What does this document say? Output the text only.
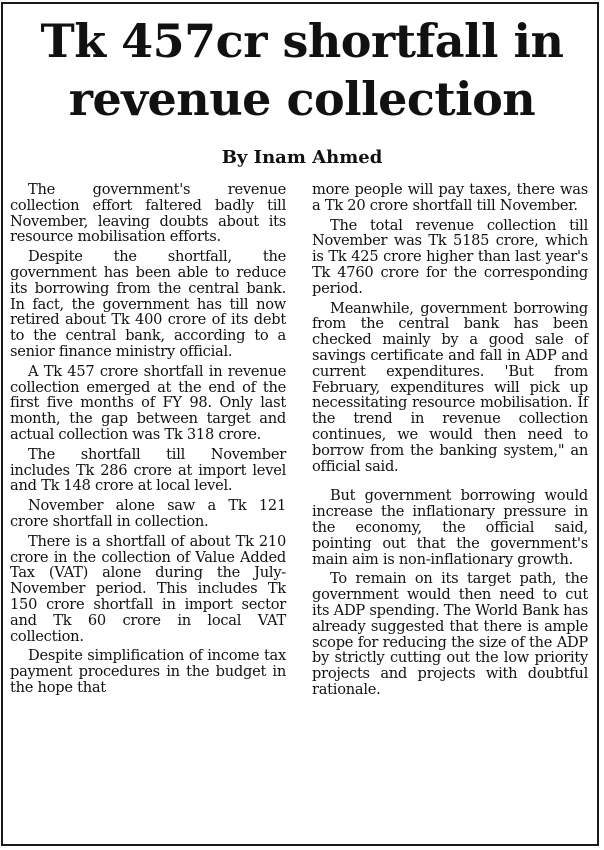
Tk 457cr shortfall in
revenue collection
By Inam Ahmed

The government's revenue collection effort faltered badly till November, leaving doubts about its resource mobilisation efforts.

Despite the shortfall, the government has been able to reduce its borrowing from the central bank. In fact, the government has till now retired about Tk 400 crore of its debt to the central bank, according to a senior finance ministry official.

A Tk 457 crore shortfall in revenue collection emerged at the end of the first five months of FY 98. Only last month, the gap between target and actual collection was Tk 318 crore.

The shortfall till November includes Tk 286 crore at import level and Tk 148 crore at local level.

November alone saw a Tk 121 crore shortfall in collection.

There is a shortfall of about Tk 210 crore in the collection of Value Added Tax (VAT) alone during the July-November period. This includes Tk 150 crore shortfall in import sector and Tk 60 crore in local VAT collection.

Despite simplification of income tax payment procedures in the budget in the hope that

more people will pay taxes, there was a Tk 20 crore shortfall till November.

The total revenue collection till November was Tk 5185 crore, which is Tk 425 crore higher than last year's Tk 4760 crore for the corresponding period.

Meanwhile, government borrowing from the central bank has been checked mainly by a good sale of savings certificate and fall in ADP and current expenditures. 'But from February, expenditures will pick up necessitating resource mobilisation. If the trend in revenue collection continues, we would then need to borrow from the banking system," an official said.

But government borrowing would increase the inflationary pressure in the economy, the official said, pointing out that the government's main aim is non-inflationary growth.

To remain on its target path, the government would then need to cut its ADP spending. The World Bank has already suggested that there is ample scope for reducing the size of the ADP by strictly cutting out the low priority projects and projects with doubtful rationale.
